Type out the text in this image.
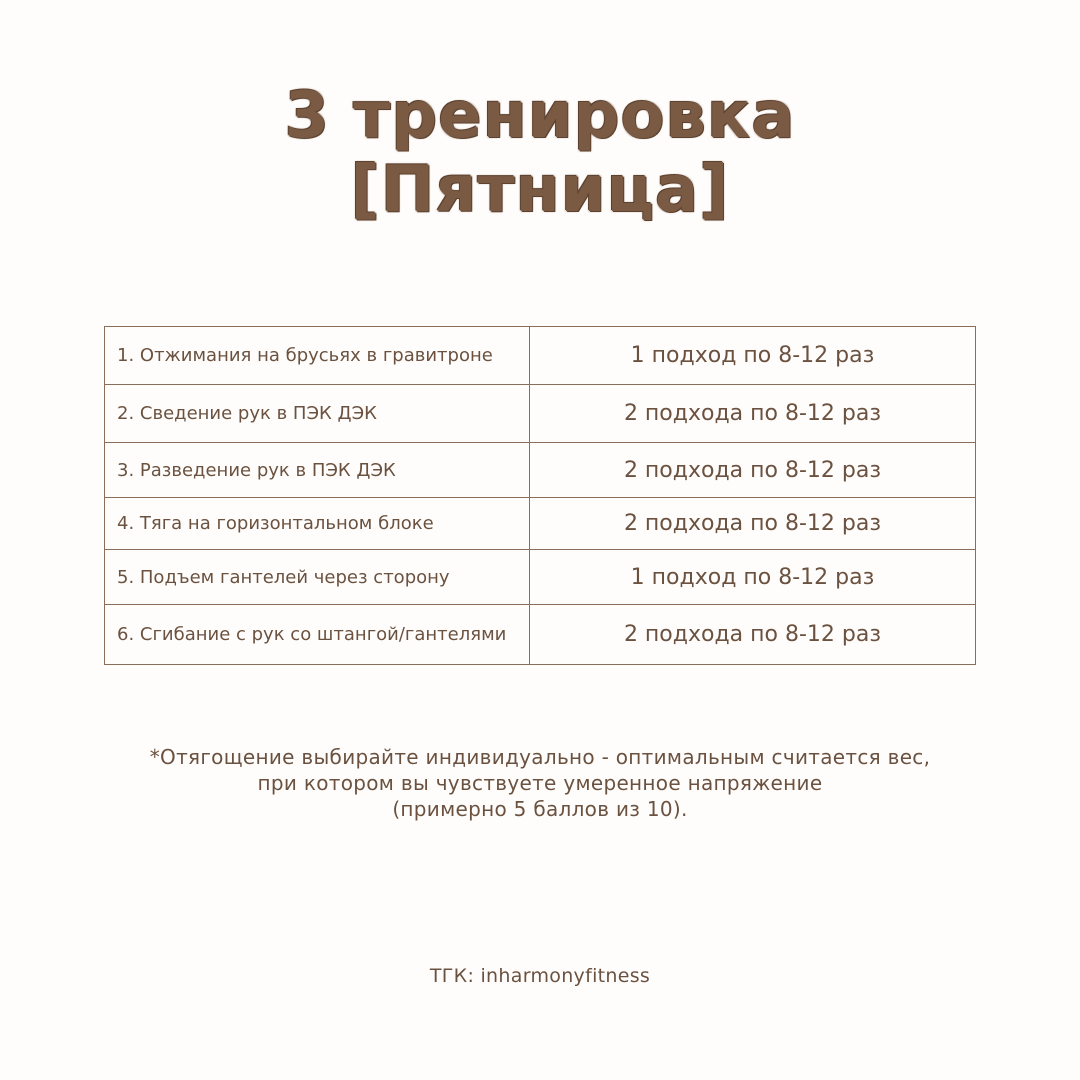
3 тренировка
[Пятница]
1. Отжимания на брусьях в гравитроне	1 подход по 8-12 раз
2. Сведение рук в ПЭК ДЭК	2 подхода по 8-12 раз
3. Разведение рук в ПЭК ДЭК	2 подхода по 8-12 раз
4. Тяга на горизонтальном блоке	2 подхода по 8-12 раз
5. Подъем гантелей через сторону	1 подход по 8-12 раз
6. Сгибание с рук со штангой/гантелями	2 подхода по 8-12 раз
*Отягощение выбирайте индивидуально - оптимальным считается вес,
при котором вы чувствуете умеренное напряжение
(примерно 5 баллов из 10).
ТГК: inharmonyfitness
